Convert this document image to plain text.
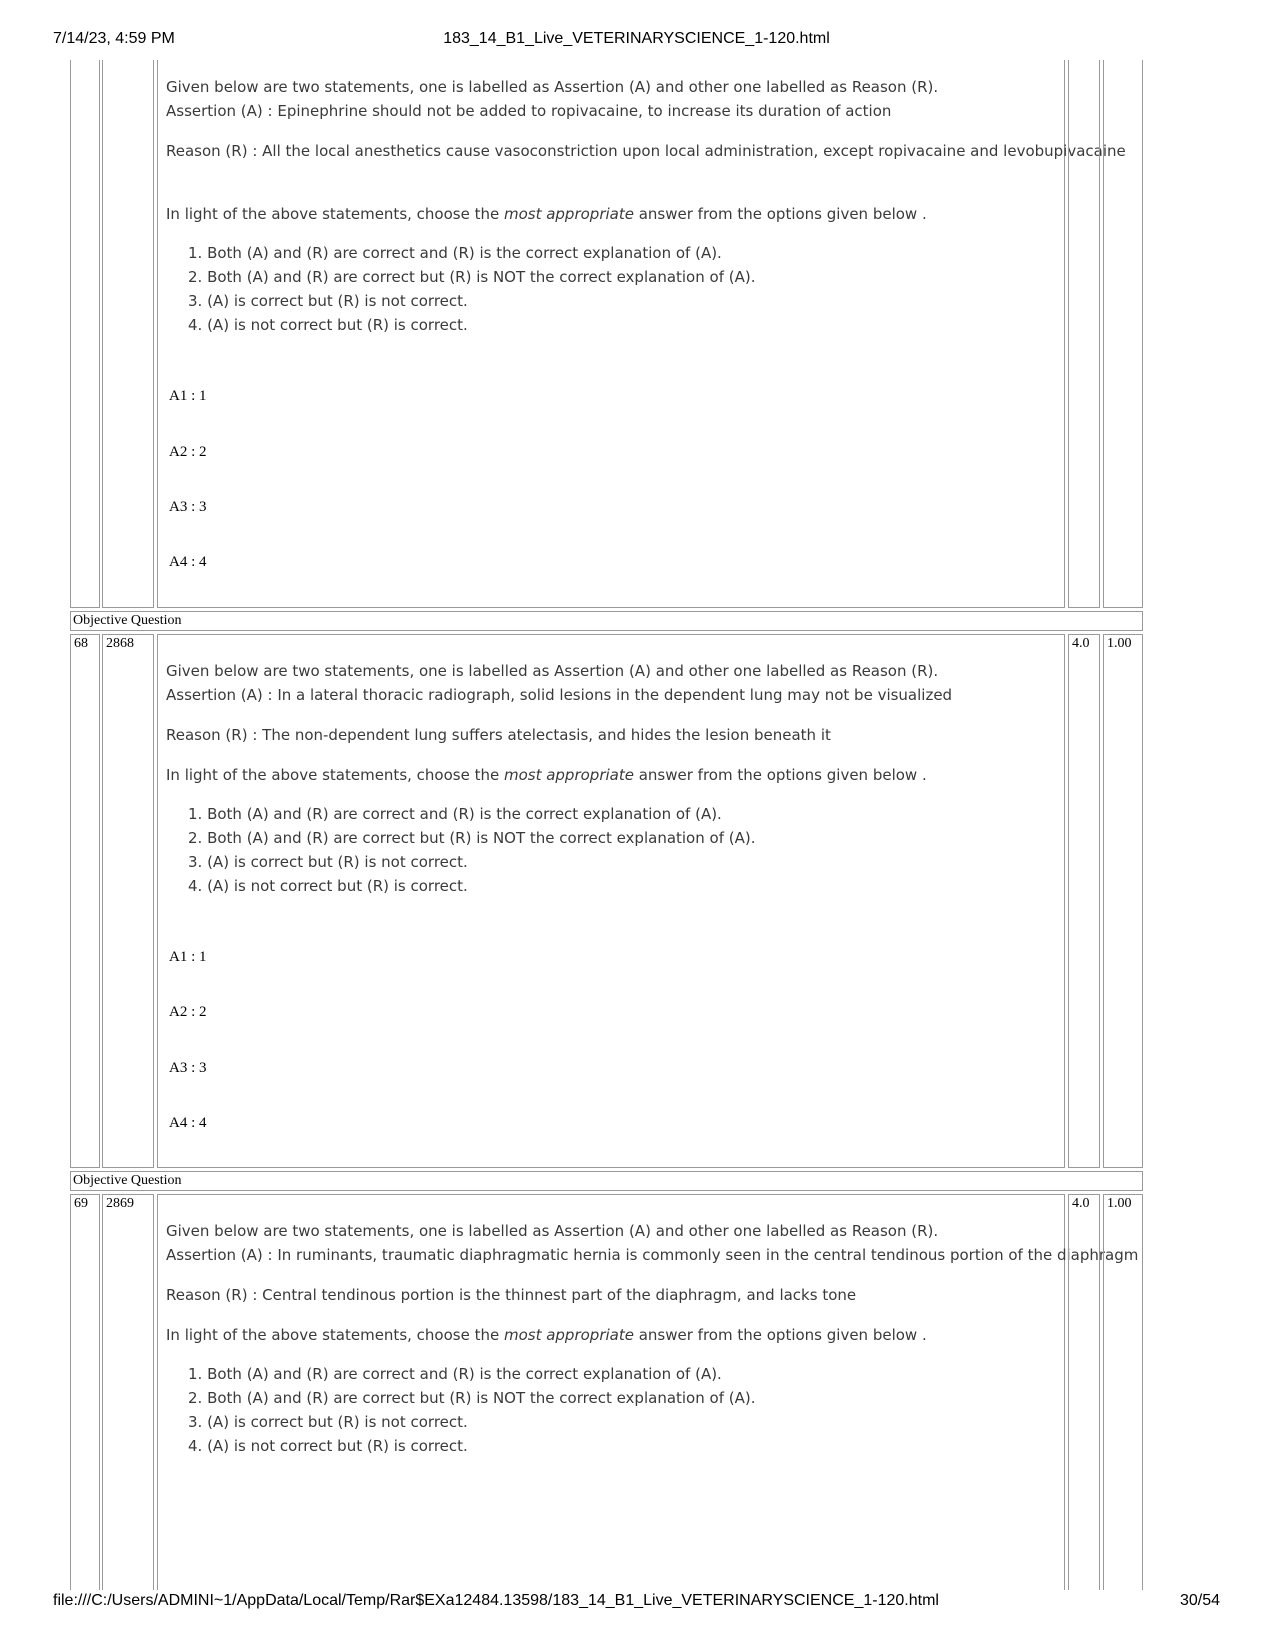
7/14/23, 4:59 PM	183_14_B1_Live_VETERINARYSCIENCE_1-120.html
Given below are two statements, one is labelled as Assertion (A) and other one labelled as Reason (R).
Assertion (A) : Epinephrine should not be added to ropivacaine, to increase its duration of action
Reason (R) : All the local anesthetics cause vasoconstriction upon local administration, except ropivacaine and levobupivacaine
In light of the above statements, choose the most appropriate answer from the options given below .
1. Both (A) and (R) are correct and (R) is the correct explanation of (A).
2. Both (A) and (R) are correct but (R) is NOT the correct explanation of (A).
3. (A) is correct but (R) is not correct.
4. (A) is not correct but (R) is correct.
A1 : 1
A2 : 2
A3 : 3
A4 : 4
Objective Question
68	2868
Given below are two statements, one is labelled as Assertion (A) and other one labelled as Reason (R).
Assertion (A) : In a lateral thoracic radiograph, solid lesions in the dependent lung may not be visualized
Reason (R) : The non-dependent lung suffers atelectasis, and hides the lesion beneath it
In light of the above statements, choose the most appropriate answer from the options given below .
1. Both (A) and (R) are correct and (R) is the correct explanation of (A).
2. Both (A) and (R) are correct but (R) is NOT the correct explanation of (A).
3. (A) is correct but (R) is not correct.
4. (A) is not correct but (R) is correct.
A1 : 1
A2 : 2
A3 : 3
A4 : 4
4.0	1.00
Objective Question
69	2869
Given below are two statements, one is labelled as Assertion (A) and other one labelled as Reason (R).
Assertion (A) : In ruminants, traumatic diaphragmatic hernia is commonly seen in the central tendinous portion of the diaphragm
Reason (R) : Central tendinous portion is the thinnest part of the diaphragm, and lacks tone
In light of the above statements, choose the most appropriate answer from the options given below .
1. Both (A) and (R) are correct and (R) is the correct explanation of (A).
2. Both (A) and (R) are correct but (R) is NOT the correct explanation of (A).
3. (A) is correct but (R) is not correct.
4. (A) is not correct but (R) is correct.
4.0	1.00
file:///C:/Users/ADMINI~1/AppData/Local/Temp/Rar$EXa12484.13598/183_14_B1_Live_VETERINARYSCIENCE_1-120.html	30/54
